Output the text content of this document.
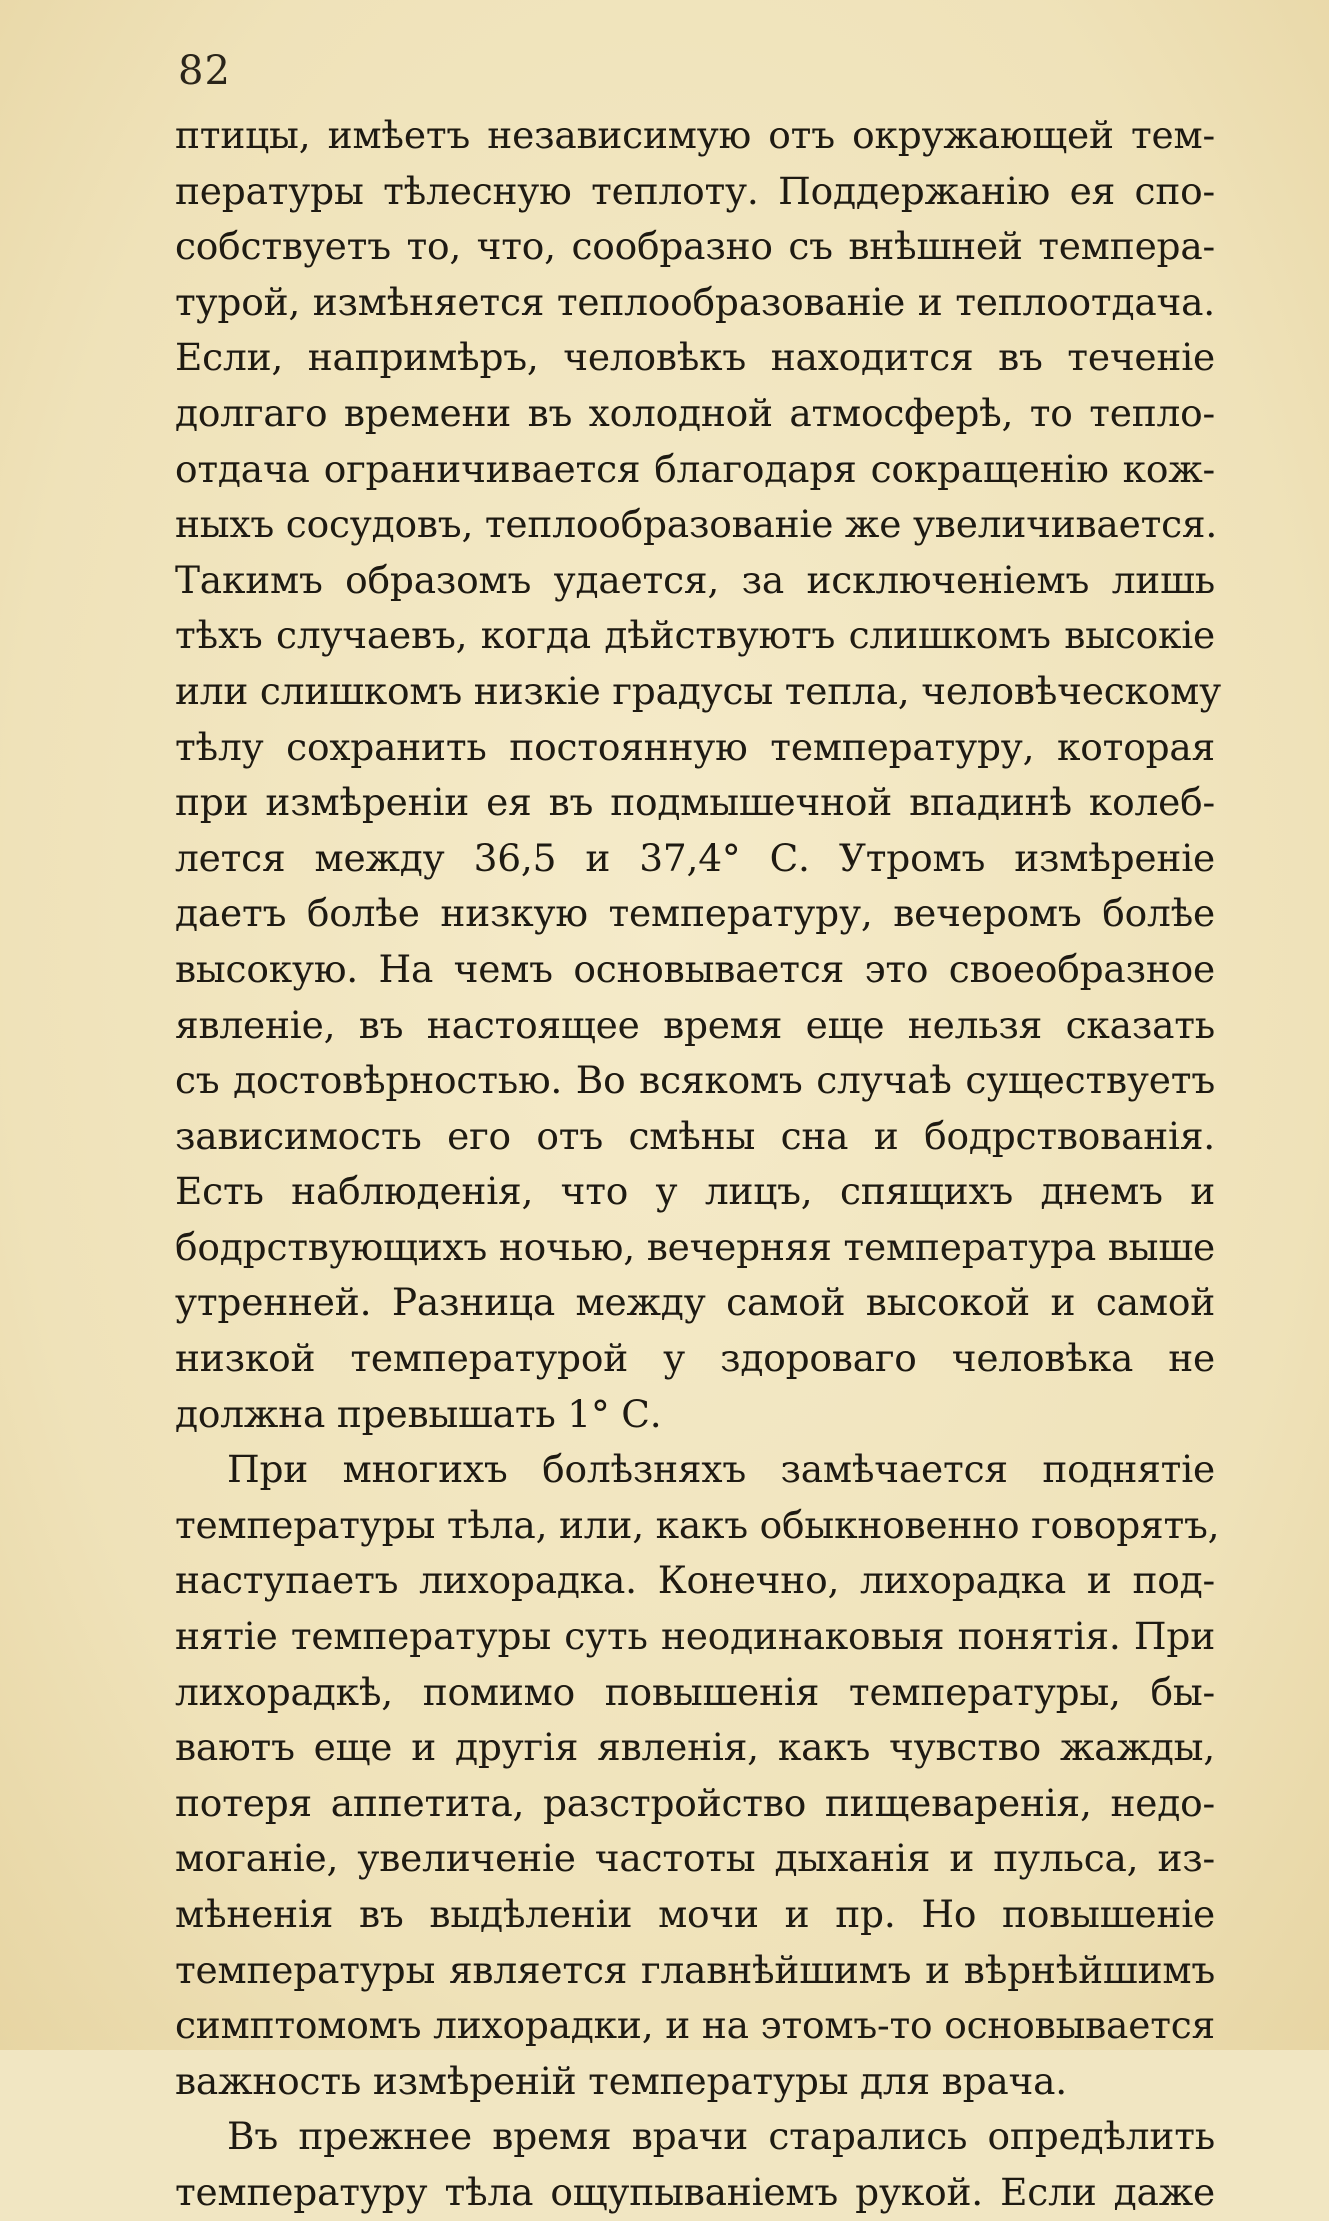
82
птицы, имѣетъ независимую отъ окружающей тем-
пературы тѣлесную теплоту. Поддержанію ея спо-
собствуетъ то, что, сообразно съ внѣшней темпера-
турой, измѣняется теплообразованіе и теплоотдача.
Если, напримѣръ, человѣкъ находится въ теченіе
долгаго времени въ холодной атмосферѣ, то тепло-
отдача ограничивается благодаря сокращенію кож-
ныхъ сосудовъ, теплообразованіе же увеличивается.
Такимъ образомъ удается, за исключеніемъ лишь
тѣхъ случаевъ, когда дѣйствуютъ слишкомъ высокіе
или слишкомъ низкіе градусы тепла, человѣческому
тѣлу сохранить постоянную температуру, которая
при измѣреніи ея въ подмышечной впадинѣ колеб-
лется между 36,5 и 37,4° С. Утромъ измѣреніе
даетъ болѣе низкую температуру, вечеромъ болѣе
высокую. На чемъ основывается это своеобразное
явленіе, въ настоящее время еще нельзя сказать
съ достовѣрностью. Во всякомъ случаѣ существуетъ
зависимость его отъ смѣны сна и бодрствованія.
Есть наблюденія, что у лицъ, спящихъ днемъ и
бодрствующихъ ночью, вечерняя температура выше
утренней. Разница между самой высокой и самой
низкой температурой у здороваго человѣка не
должна превышать 1° С.
При многихъ болѣзняхъ замѣчается поднятіе
температуры тѣла, или, какъ обыкновенно говорятъ,
наступаетъ лихорадка. Конечно, лихорадка и под-
нятіе температуры суть неодинаковыя понятія. При
лихорадкѣ, помимо повышенія температуры, бы-
ваютъ еще и другія явленія, какъ чувство жажды,
потеря аппетита, разстройство пищеваренія, недо-
моганіе, увеличеніе частоты дыханія и пульса, из-
мѣненія въ выдѣленіи мочи и пр. Но повышеніе
температуры является главнѣйшимъ и вѣрнѣйшимъ
симптомомъ лихорадки, и на этомъ-то основывается
важность измѣреній температуры для врача.
Въ прежнее время врачи старались опредѣлить
температуру тѣла ощупываніемъ рукой. Если даже
